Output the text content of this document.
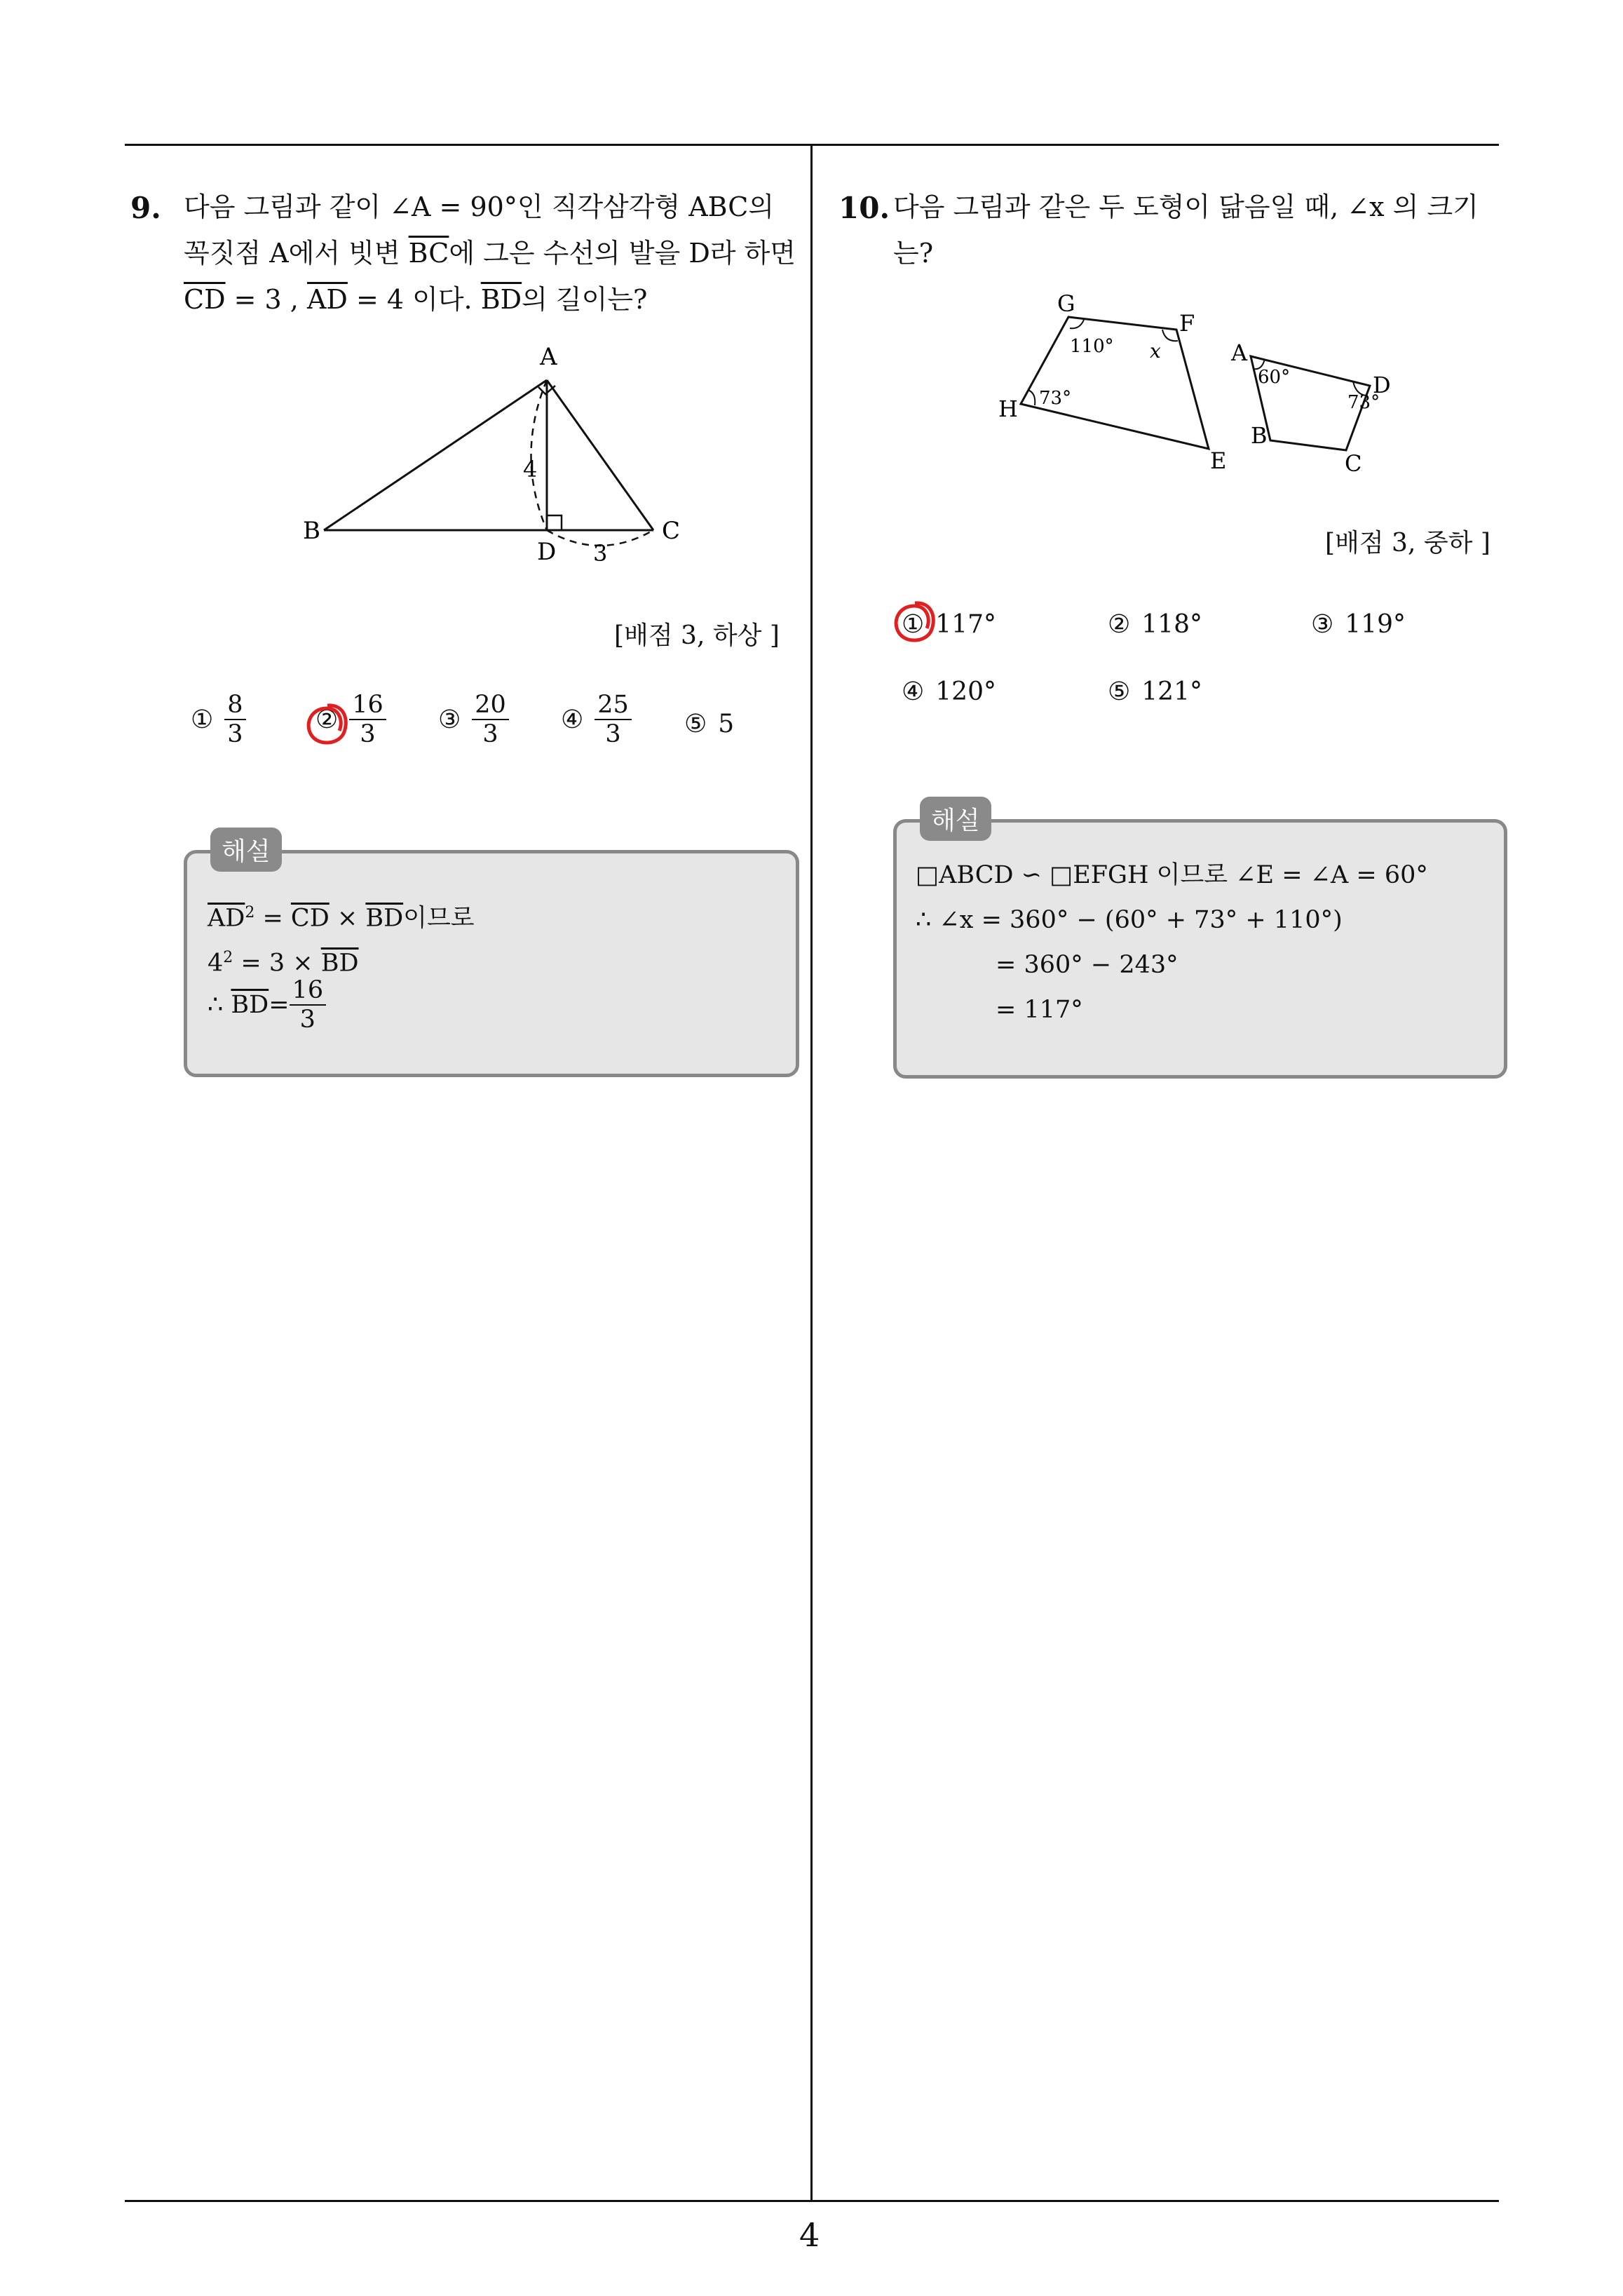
4
9. 다음 그림과 같이 ∠A = 90°인 직각삼각형 ABC의
꼭짓점 A에서 빗변 $\overline{BC}$에 그은 수선의 발을 D라 하면
$\overline{CD} = 3$ , $\overline{AD} = 4$ 이다. $\overline{BD}$의 길이는?
A
B	C
D
4
3
[배점 3, 하상 ]
① $\frac{8}{3}$	② $\frac{16}{3}$ ③ $\frac{20}{3}$ ④ $\frac{25}{3}$ ⑤ 5
해설
$\overline{AD}^2 = \overline{CD} \times \overline{BD}$이므로
$4^2 = 3 \times \overline{BD}$
∴
$\overline{BD} = \frac{16}{3}$
10. 다음 그림과 같은 두 도형이 닮음일 때, ∠x 의 크기는?
G
F
H
E
110° x
73°
A
D
B
C
60°
73°
[배점 3, 중하 ]
① 117°	② 118°	③ 119°
④ 120°	⑤ 121°
해설
□ABCD ∽ □EFGH 이므로 ∠E = ∠A = 60°
∴ ∠x = 360° − (60° + 73° + 110°)
= 360° − 243°
= 117°
